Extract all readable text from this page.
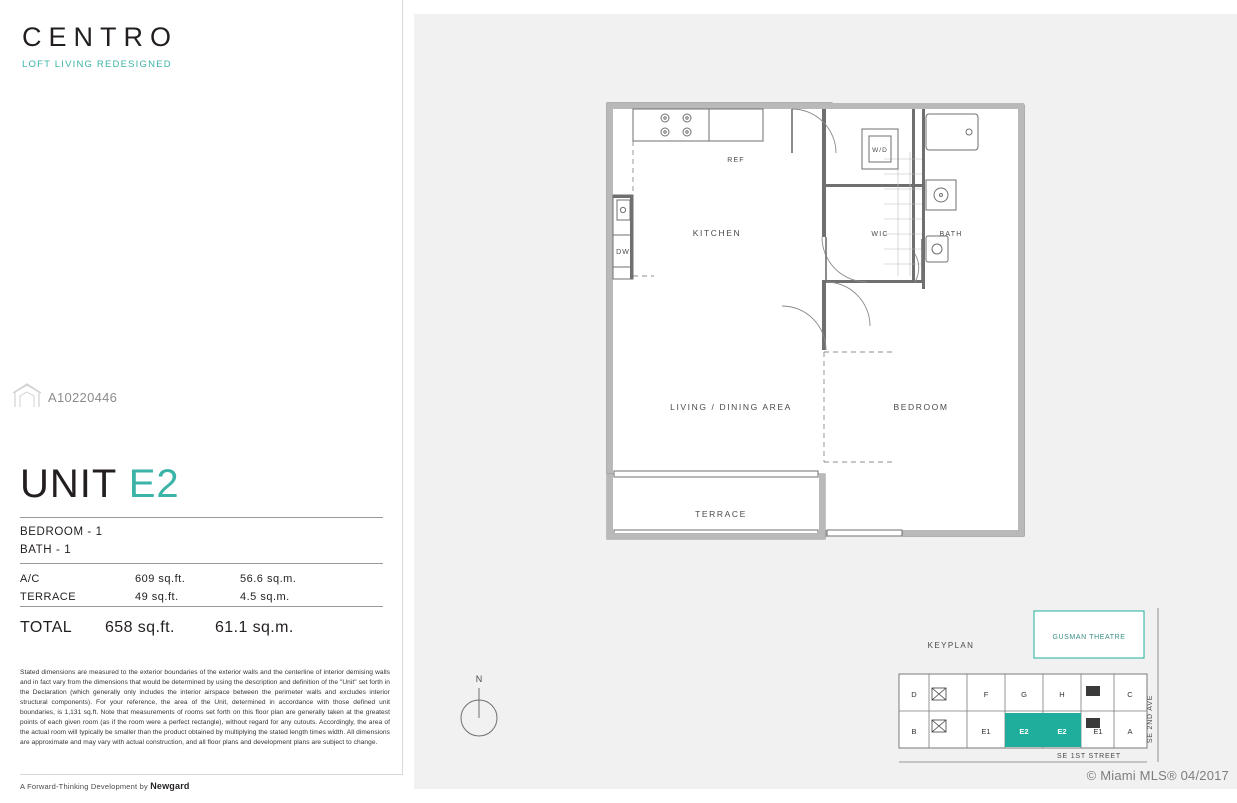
CENTRO
LOFT LIVING REDESIGNED
A10220446
UNIT E2
BEDROOM - 1
BATH - 1
A/C	609 sq.ft.	56.6 sq.m.
TERRACE	49 sq.ft.	4.5 sq.m.
TOTAL	658 sq.ft.	61.1 sq.m.
Stated dimensions are measured to the exterior boundaries of the exterior walls and the centerline of interior demising walls and in fact vary from the dimensions that would be determined by using the description and definition of the "Unit" set forth in the Declaration (which generally only includes the interior airspace between the perimeter walls and excludes interior structural components). For your reference, the area of the Unit, determined in accordance with those defined unit boundaries, is 1,131 sq.ft. Note that measurements of rooms set forth on this floor plan are generally taken at the greatest points of each given room (as if the room were a perfect rectangle), without regard for any cutouts. Accordingly, the area of the actual room will typically be smaller than the product obtained by multiplying the stated length times width. All dimensions are approximate and may vary with actual construction, and all floor plans and development plans are subject to change.
A Forward-Thinking Development by Newgard
KITCHEN
LIVING / DINING AREA	BEDROOM
TERRACE
WIC	BATH
REF
DW
W/D
KEYPLAN
GUSMAN THEATRE
D	F	G	H	C
B	E1	E2	E2	E1	A
SE 1ST STREET
SE 2ND AVE
N
© Miami MLS® 04/2017
